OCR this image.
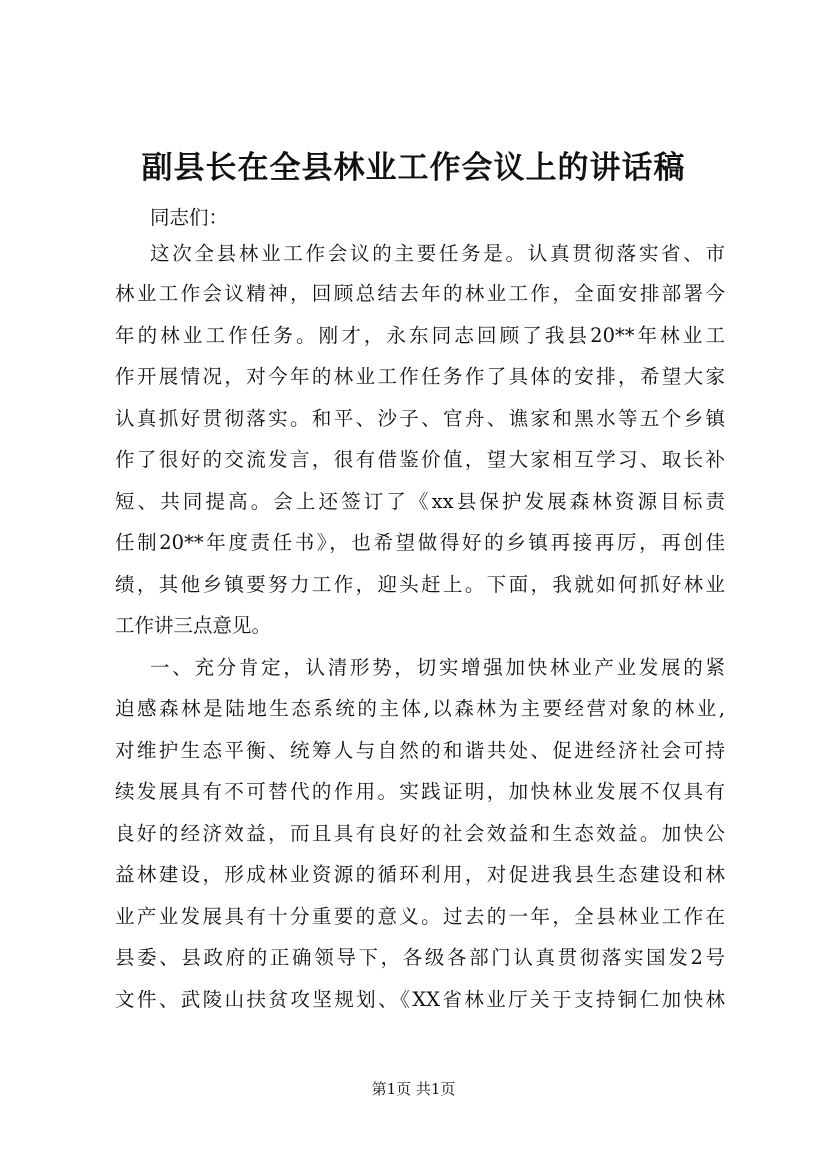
副县长在全县林业工作会议上的讲话稿

同志们：

这次全县林业工作会议的主要任务是。认真贯彻落实省、市

林业工作会议精神，回顾总结去年的林业工作，全面安排部署今

年的林业工作任务。刚才，永东同志回顾了我县20**年林业工

作开展情况，对今年的林业工作任务作了具体的安排，希望大家

认真抓好贯彻落实。和平、沙子、官舟、谯家和黑水等五个乡镇

作了很好的交流发言，很有借鉴价值，望大家相互学习、取长补

短、共同提高。会上还签订了《xx县保护发展森林资源目标责

任制20**年度责任书》，也希望做得好的乡镇再接再厉，再创佳

绩，其他乡镇要努力工作，迎头赶上。下面，我就如何抓好林业

工作讲三点意见。

一、充分肯定，认清形势，切实增强加快林业产业发展的紧

迫感森林是陆地生态系统的主体,以森林为主要经营对象的林业,

对维护生态平衡、统筹人与自然的和谐共处、促进经济社会可持

续发展具有不可替代的作用。实践证明，加快林业发展不仅具有

良好的经济效益，而且具有良好的社会效益和生态效益。加快公

益林建设，形成林业资源的循环利用，对促进我县生态建设和林

业产业发展具有十分重要的意义。过去的一年，全县林业工作在

县委、县政府的正确领导下，各级各部门认真贯彻落实国发2号

文件、武陵山扶贫攻坚规划、《XX省林业厅关于支持铜仁加快林

第1页 共1页
